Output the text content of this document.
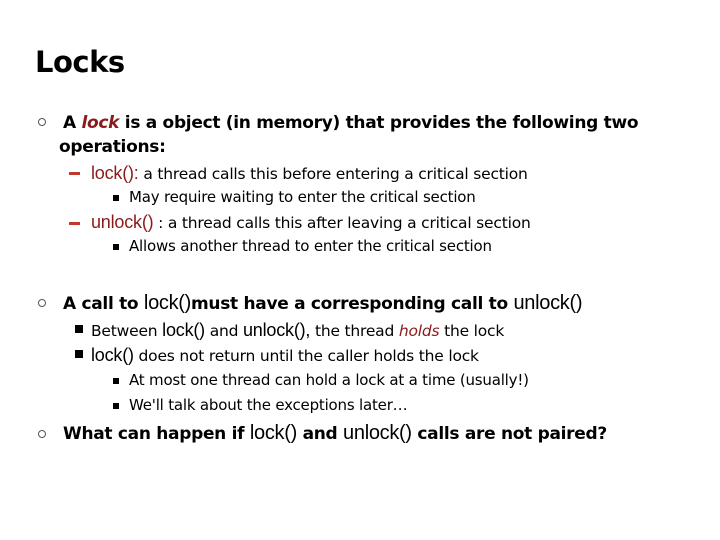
Locks
A lock is a object (in memory) that provides the following two
operations:
lock(): a thread calls this before entering a critical section
May require waiting to enter the critical section
unlock() : a thread calls this after leaving a critical section
Allows another thread to enter the critical section
A call to lock()must have a corresponding call to unlock()
Between lock() and unlock(), the thread holds the lock
lock() does not return until the caller holds the lock
At most one thread can hold a lock at a time (usually!)
We'll talk about the exceptions later…
What can happen if lock() and unlock() calls are not paired?
